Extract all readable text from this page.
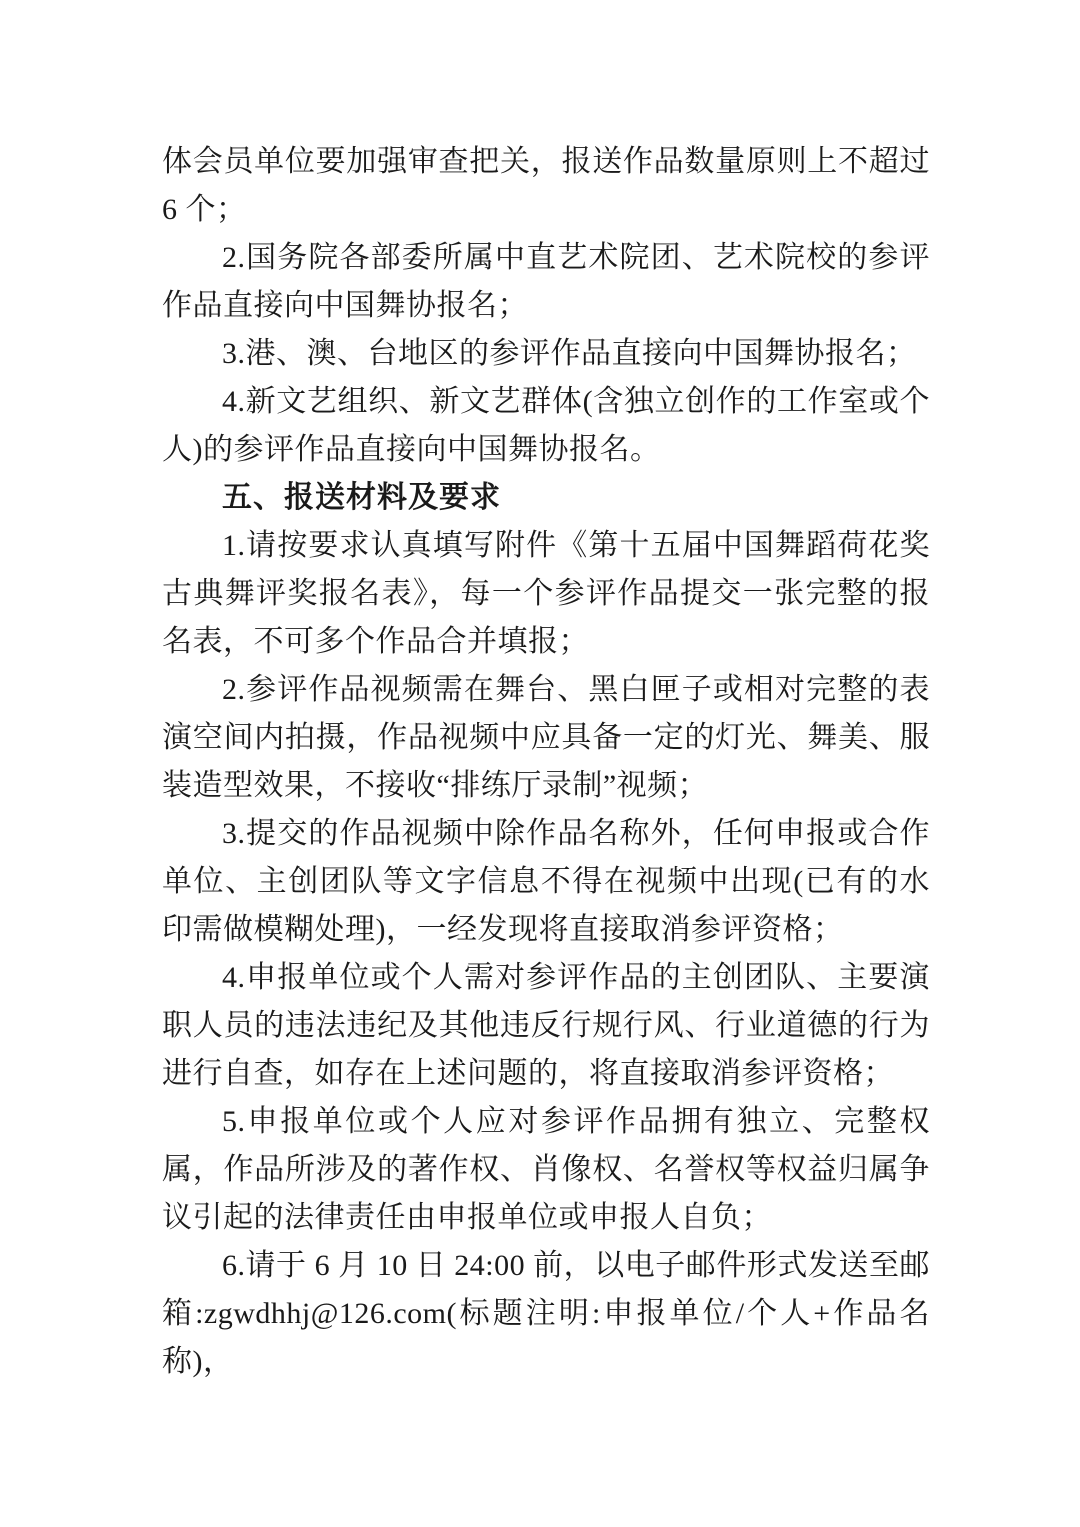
体会员单位要加强审查把关，报送作品数量原则上不超过 6 个；

2.国务院各部委所属中直艺术院团、艺术院校的参评作品直接向中国舞协报名；

3.港、澳、台地区的参评作品直接向中国舞协报名；

4.新文艺组织、新文艺群体(含独立创作的工作室或个人)的参评作品直接向中国舞协报名。

五、报送材料及要求

1.请按要求认真填写附件《第十五届中国舞蹈荷花奖古典舞评奖报名表》，每一个参评作品提交一张完整的报名表，不可多个作品合并填报；

2.参评作品视频需在舞台、黑白匣子或相对完整的表演空间内拍摄，作品视频中应具备一定的灯光、舞美、服装造型效果，不接收“排练厅录制”视频；

3.提交的作品视频中除作品名称外，任何申报或合作单位、主创团队等文字信息不得在视频中出现(已有的水印需做模糊处理)，一经发现将直接取消参评资格；

4.申报单位或个人需对参评作品的主创团队、主要演职人员的违法违纪及其他违反行规行风、行业道德的行为进行自查，如存在上述问题的，将直接取消参评资格；

5.申报单位或个人应对参评作品拥有独立、完整权属，作品所涉及的著作权、肖像权、名誉权等权益归属争议引起的法律责任由申报单位或申报人自负；

6.请于 6 月 10 日 24:00 前，以电子邮件形式发送至邮箱:zgwdhhj@126.com(标题注明:申报单位/个人+作品名称)，
